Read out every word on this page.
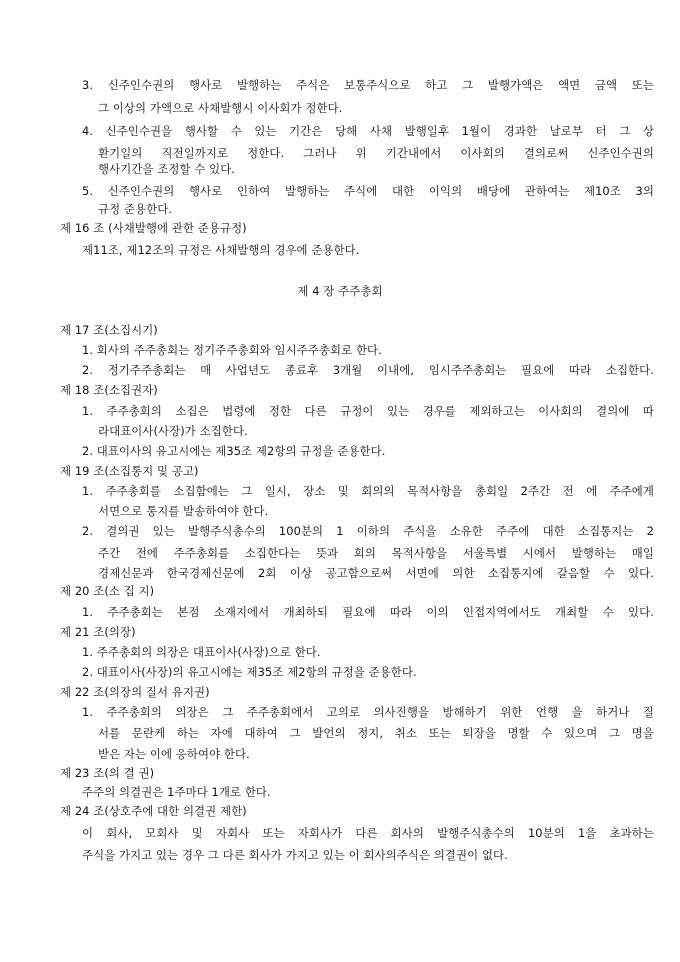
3. 신주인수권의 행사로 발행하는 주식은 보통주식으로 하고 그 발행가액은 액면 금액 또는
그 이상의 가액으로 사채발행시 이사회가 정한다.
4. 신주인수권을 행사할 수 있는 기간은 당해 사채 발행일후 1월이 경과한 날로부 터 그 상
환기일의 직전일까지로 정한다. 그러나 위 기간내에서 이사회의 결의로써 신주인수권의
행사기간을 조정할 수 있다.
5. 신주인수권의 행사로 인하여 발행하는 주식에 대한 이익의 배당에 관하여는 제10조 3의
규정 준용한다.
제 16 조 (사채발행에 관한 준용규정)
제11조, 제12조의 규정은 사채발행의 경우에 준용한다.
제 4 장 주주총회
제 17 조(소집시기)
1. 회사의 주주총회는 정기주주총회와 임시주주총회로 한다.
2. 정기주주총회는 매 사업년도 종료후 3개월 이내에, 임시주주총회는 필요에 따라 소집한다.
제 18 조(소집권자)
1. 주주총회의 소집은 법령에 정한 다른 규정이 있는 경우를 제외하고는 이사회의 결의에 따
라대표이사(사장)가 소집한다.
2. 대표이사의 유고시에는 제35조 제2항의 규정을 준용한다.
제 19 조(소집통지 및 공고)
1. 주주총회를 소집함에는 그 일시, 장소 및 회의의 목적사항을 총회일 2주간 전 에 주주에게
서면으로 통지를 발송하여야 한다.
2. 결의권 있는 발행주식총수의 100분의 1 이하의 주식을 소유한 주주에 대한 소집통지는 2
주간 전에 주주총회를 소집한다는 뜻과 회의 목적사항을 서울특별 시에서 발행하는 매일
경제신문과 한국경제신문에 2회 이상 공고함으로써 서면에 의한 소집통지에 갈음할 수 있다.
제 20 조(소 집 지)
1. 주주총회는 본점 소재지에서 개최하되 필요에 따라 이의 인접지역에서도 개최할 수 있다.
제 21 조(의장)
1. 주주총회의 의장은 대표이사(사장)으로 한다.
2. 대표이사(사장)의 유고시에는 제35조 제2항의 규정을 준용한다.
제 22 조(의장의 질서 유지권)
1. 주주총회의 의장은 그 주주총회에서 고의로 의사진행을 방해하기 위한 언행 을 하거나 질
서를 문란케 하는 자에 대하여 그 발언의 정지, 취소 또는 퇴장을 명할 수 있으며 그 명을
받은 자는 이에 응하여야 한다.
제 23 조(의 결 권)
주주의 의결권은 1주마다 1개로 한다.
제 24 조(상호주에 대한 의결권 제한)
이 회사, 모회사 및 자회사 또는 자회사가 다른 회사의 발행주식총수의 10분의 1을 초과하는
주식을 가지고 있는 경우 그 다른 회사가 가지고 있는 이 회사의주식은 의결권이 없다.
